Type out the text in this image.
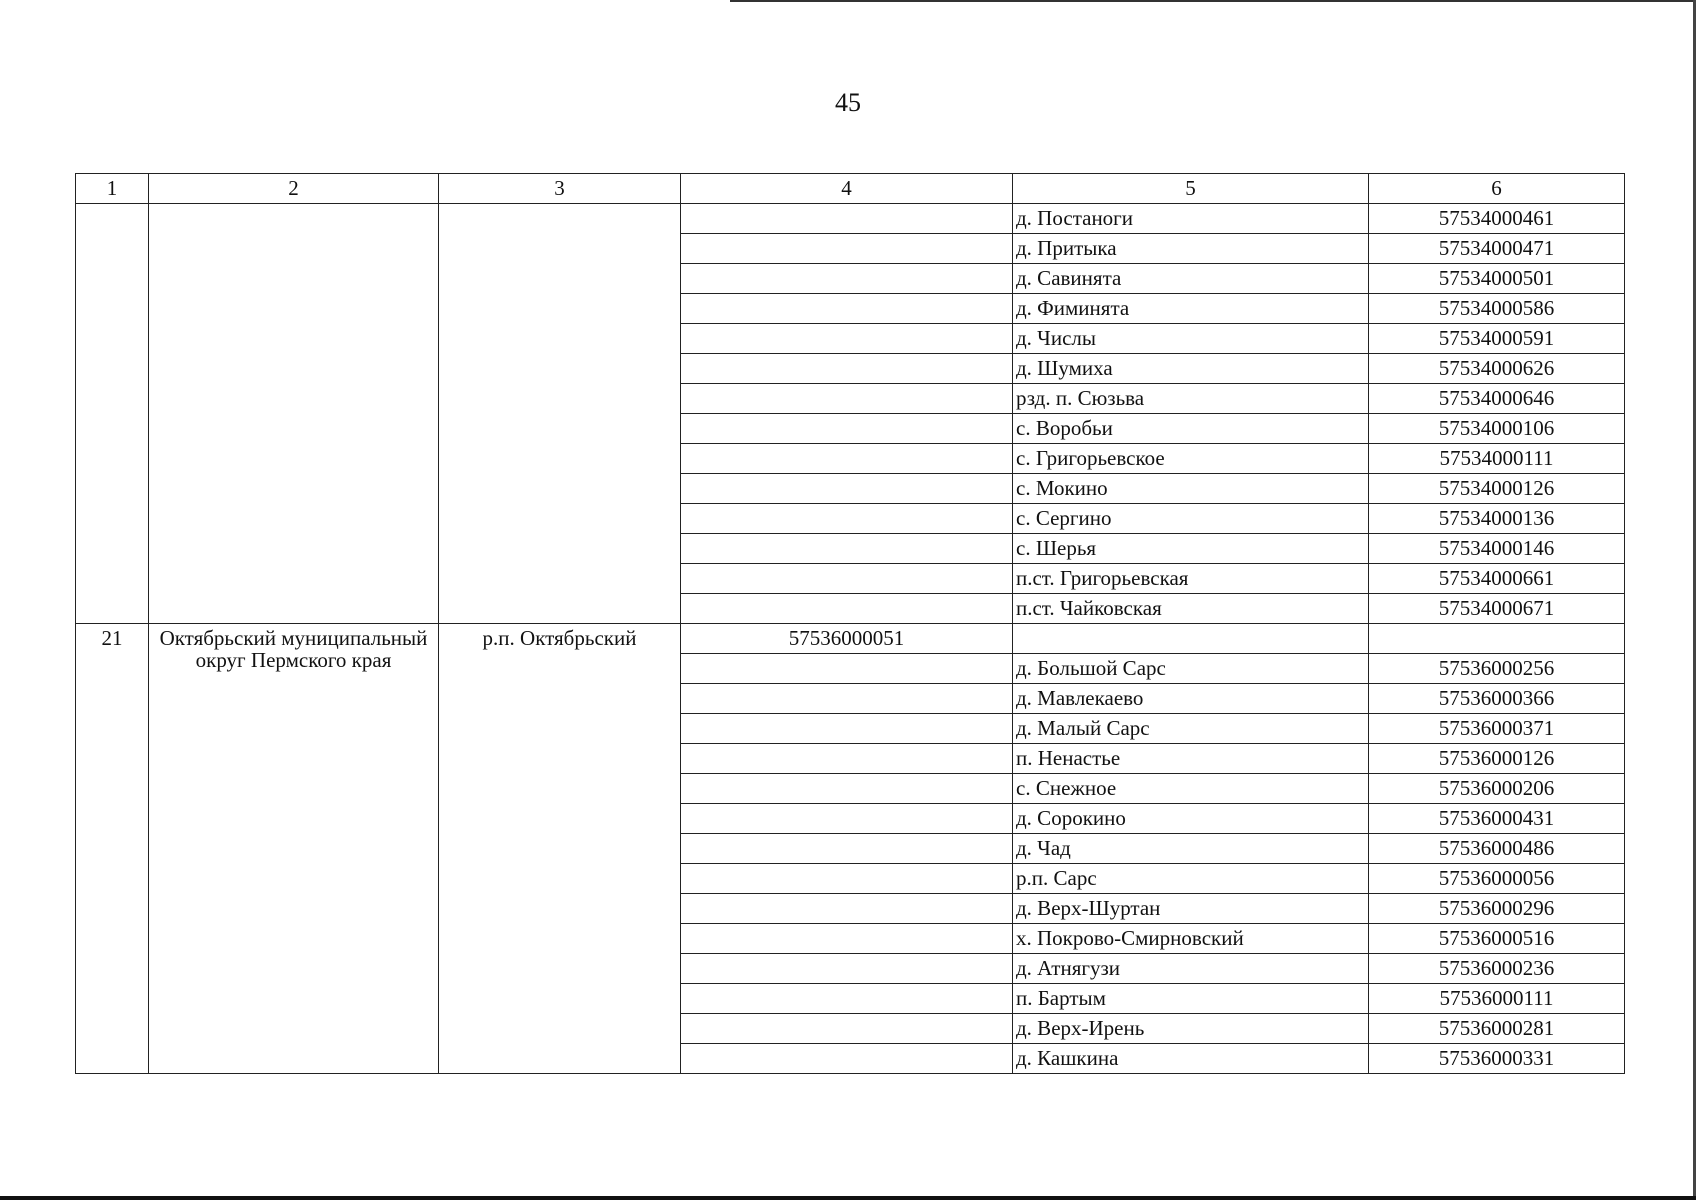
45
1	2	3	4	5	6
				д. Постаноги	57534000461
				д. Притыка	57534000471
				д. Савинята	57534000501
				д. Фиминята	57534000586
				д. Числы	57534000591
				д. Шумиха	57534000626
				рзд. п. Сюзьва	57534000646
				с. Воробьи	57534000106
				с. Григорьевское	57534000111
				с. Мокино	57534000126
				с. Сергино	57534000136
				с. Шерья	57534000146
				п.ст. Григорьевская	57534000661
				п.ст. Чайковская	57534000671
21	Октябрьский муниципальный округ Пермского края	р.п. Октябрьский	57536000051		
				д. Большой Сарс	57536000256
				д. Мавлекаево	57536000366
				д. Малый Сарс	57536000371
				п. Ненастье	57536000126
				с. Снежное	57536000206
				д. Сорокино	57536000431
				д. Чад	57536000486
				р.п. Сарс	57536000056
				д. Верх-Шуртан	57536000296
				х. Покрово-Смирновский	57536000516
				д. Атнягузи	57536000236
				п. Бартым	57536000111
				д. Верх-Ирень	57536000281
				д. Кашкина	57536000331
